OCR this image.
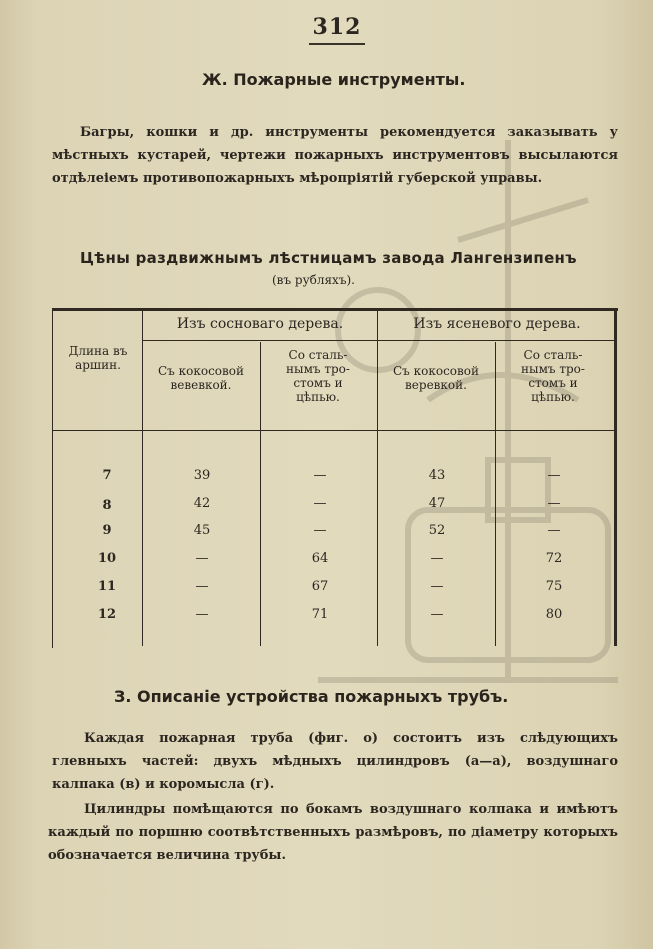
312
Ж. Пожарные инструменты.
Багры, кошки и др. инструменты рекомендуется заказывать у мѣстныхъ кустарей, чертежи пожарныхъ инструментовъ высылаются отдѣлеіемъ противопожарныхъ мѣропріятій губерской управы.
Цѣны раздвижнымъ лѣстницамъ завода Лангензипенъ
(въ рубляхъ).
Длина въ аршин.
Изъ сосноваго дерева.	Изъ ясеневого дерева.
Съ кокосовой вевевкой.
Со сталь- нымъ тро- стомъ и цѣпью.
Съ кокосовой веревкой.
Со сталь- нымъ тро- стомъ и цѣпью.
7	39	—	43	—
8	42	—	47	—
9	45	—	52	—
10	—	64	—	72
11	—	67	—	75
12	—	71	—	80
З. Описаніе устройства пожарныхъ трубъ.
Каждая пожарная труба (фиг. о) состоитъ изъ слѣдующихъ глевныхъ частей: двухъ мѣдныхъ цилиндровъ (а—а), воздушнаго калпака (в) и коромысла (г).
Цилиндры помѣщаются по бокамъ воздушнаго колпака и имѣютъ каждый по поршню соотвѣтственныхъ размѣровъ, по діаметру которыхъ обозначается величина трубы.
